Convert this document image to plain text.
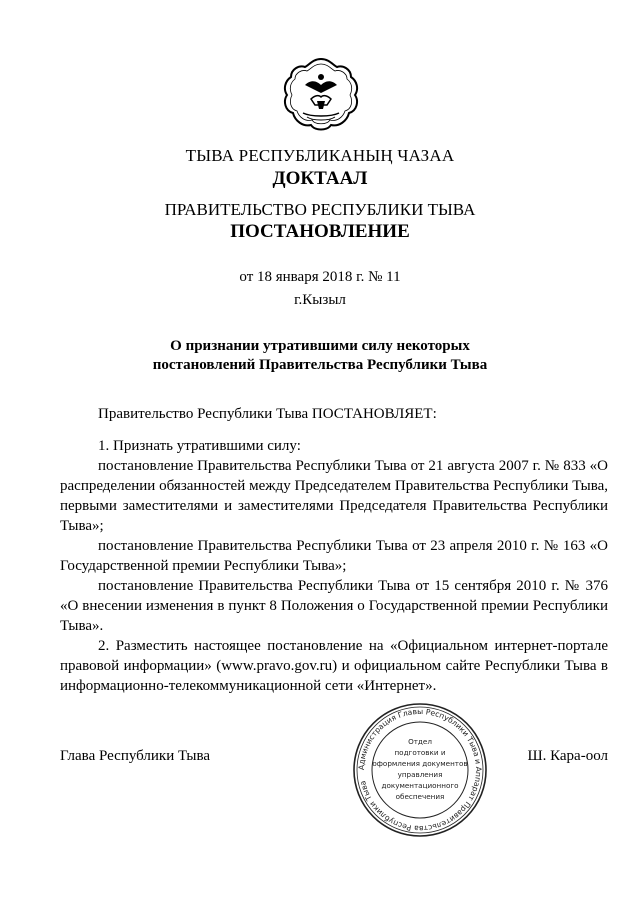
ТЫВА РЕСПУБЛИКАНЫҢ ЧАЗАА
ДОКТААЛ
ПРАВИТЕЛЬСТВО РЕСПУБЛИКИ ТЫВА
ПОСТАНОВЛЕНИЕ
от 18 января 2018 г. № 11
г.Кызыл
О признании утратившими силу некоторых
постановлений Правительства Республики Тыва

Правительство Республики Тыва ПОСТАНОВЛЯЕТ:

1. Признать утратившими силу:

постановление Правительства Республики Тыва от 21 августа 2007 г. № 833 «О распределении обязанностей между Председателем Правительства Республики Тыва, первыми заместителями и заместителями Председателя Правительства Республики Тыва»;

постановление Правительства Республики Тыва от 23 апреля 2010 г. № 163 «О Государственной премии Республики Тыва»;

постановление Правительства Республики Тыва от 15 сентября 2010 г. № 376 «О внесении изменения в пункт 8 Положения о Государственной премии Республики Тыва».

2. Разместить настоящее постановление на «Официальном интернет-портале правовой информации» (www.pravo.gov.ru) и официальном сайте Республики Тыва в информационно-телекоммуникационной сети «Интернет».

Глава Республики Тыва	Ш. Кара-оол
Администрация Главы Республики Тыва и Аппарат Правительства Республики Тыва
Отдел
подготовки и
оформления документов
управления
документационного
обеспечения
